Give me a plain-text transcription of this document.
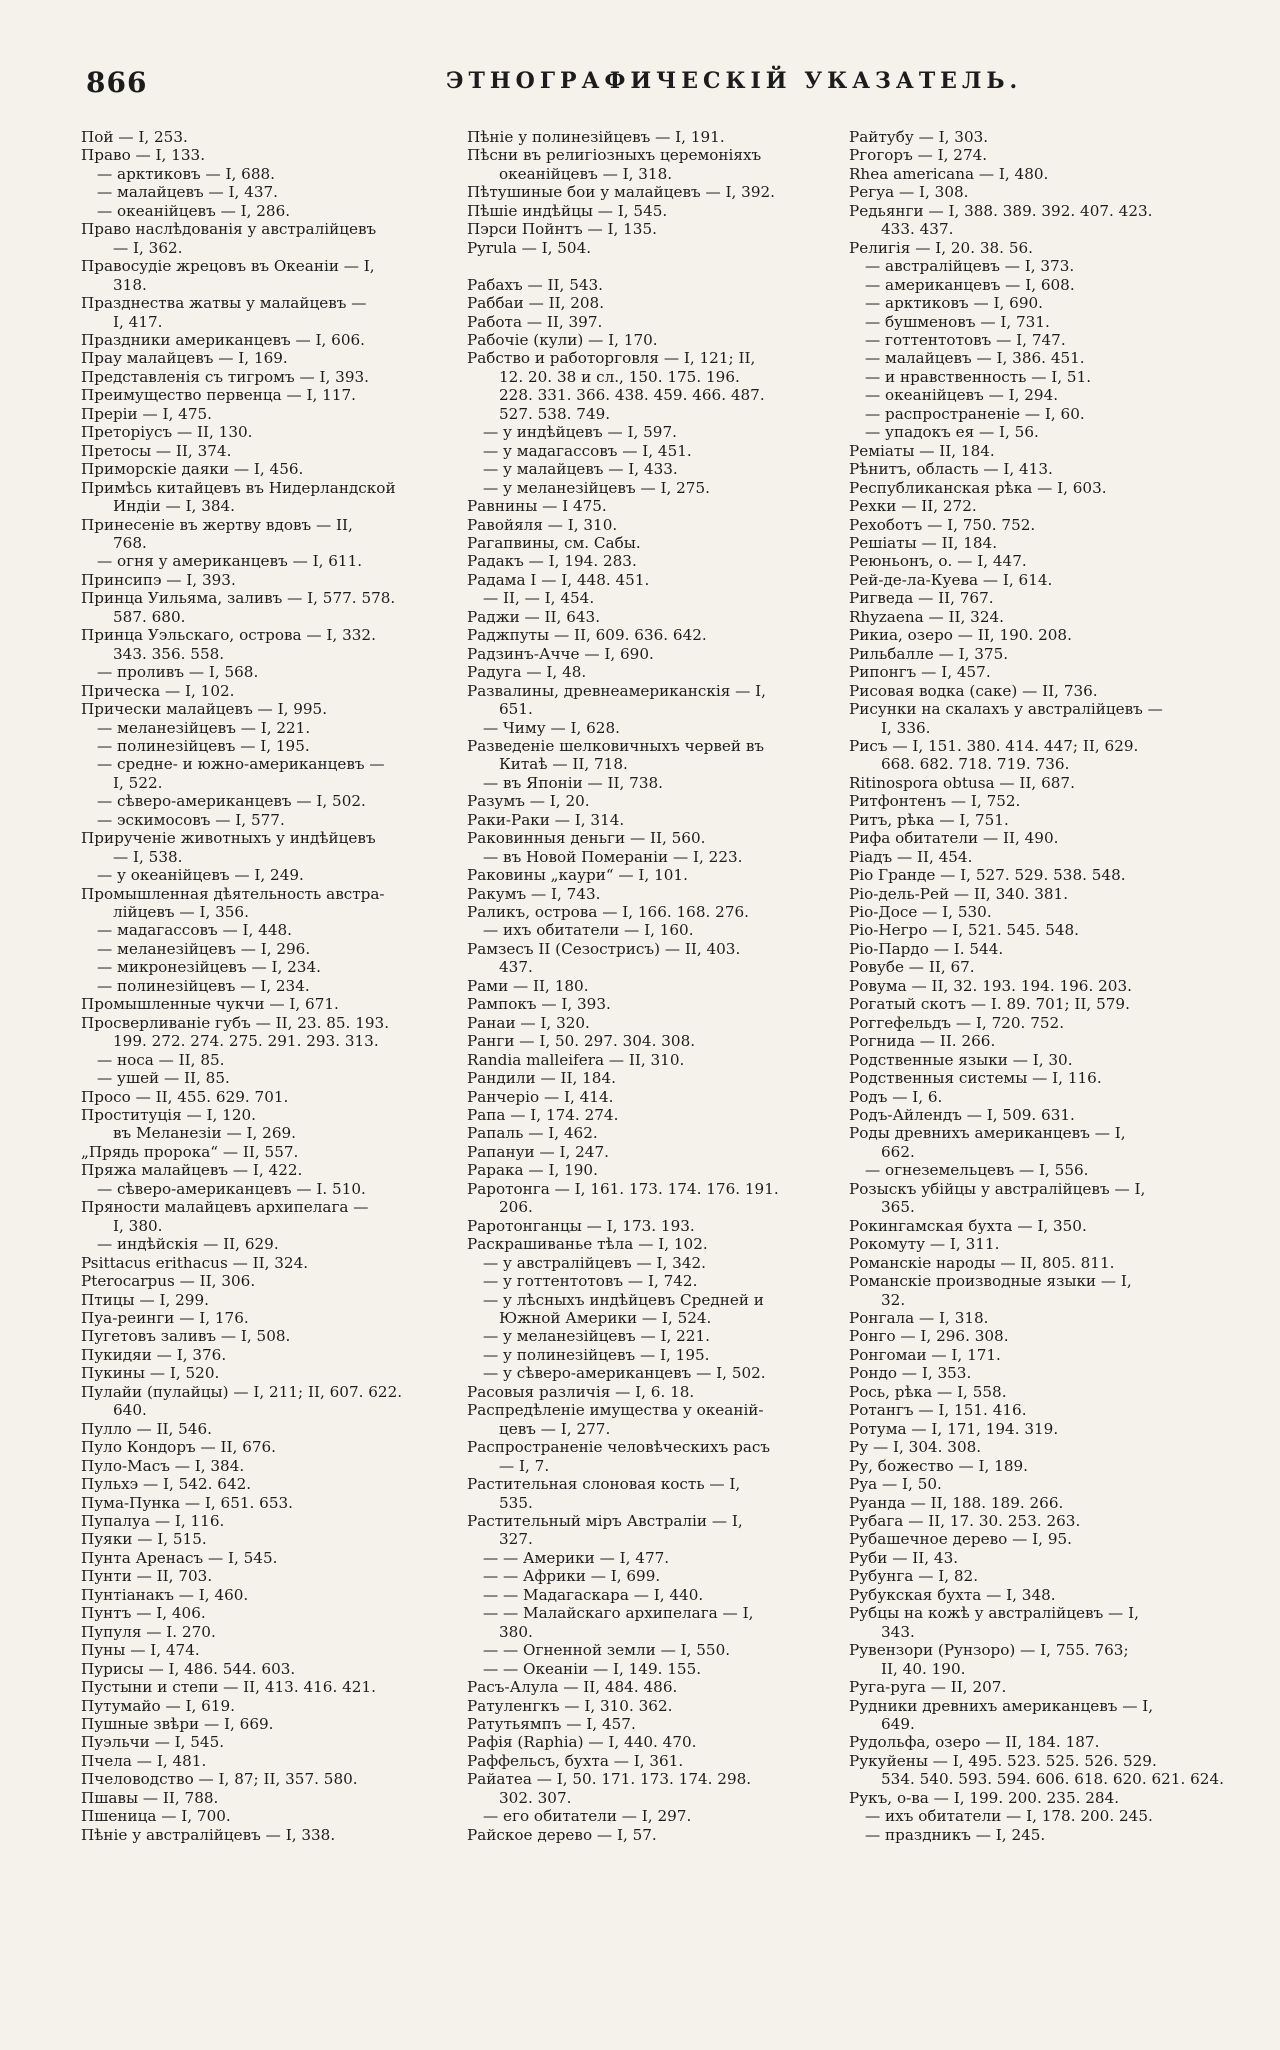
866	ЭТНОГРАФИЧЕСКІЙ УКАЗАТЕЛЬ.
Пой — I, 253.
Право — I, 133.
— арктиковъ — I, 688.
— малайцевъ — I, 437.
— океанійцевъ — I, 286.
Право наслѣдованія у австралійцевъ
— I, 362.
Правосудіе жрецовъ въ Океаніи — I,
318.
Празднества жатвы у малайцевъ —
I, 417.
Праздники американцевъ — I, 606.
Прау малайцевъ — I, 169.
Представленія съ тигромъ — I, 393.
Преимущество первенца — I, 117.
Преріи — I, 475.
Преторіусъ — II, 130.
Претосы — II, 374.
Приморскіе даяки — I, 456.
Примѣсь китайцевъ въ Нидерландской
Индіи — I, 384.
Принесеніе въ жертву вдовъ — II,
768.
— огня у американцевъ — I, 611.
Принсипэ — I, 393.
Принца Уильяма, заливъ — I, 577. 578.
587. 680.
Принца Уэльскаго, острова — I, 332.
343. 356. 558.
— проливъ — I, 568.
Прическа — I, 102.
Прически малайцевъ — I, 995.
— меланезійцевъ — I, 221.
— полинезійцевъ — I, 195.
— средне- и южно-американцевъ —
I, 522.
— сѣверо-американцевъ — I, 502.
— эскимосовъ — I, 577.
Прирученіе животныхъ у индѣйцевъ
— I, 538.
— у океанійцевъ — I, 249.
Промышленная дѣятельность австра-
лійцевъ — I, 356.
— мадагассовъ — I, 448.
— меланезійцевъ — I, 296.
— микронезійцевъ — I, 234.
— полинезійцевъ — I, 234.
Промышленные чукчи — I, 671.
Просверливаніе губъ — II, 23. 85. 193.
199. 272. 274. 275. 291. 293. 313.
— носа — II, 85.
— ушей — II, 85.
Просо — II, 455. 629. 701.
Проституція — I, 120.
въ Меланезіи — I, 269.
„Прядь пророка“ — II, 557.
Пряжа малайцевъ — I, 422.
— сѣверо-американцевъ — I. 510.
Пряности малайцевъ архипелага —
I, 380.
— индѣйскія — II, 629.
Psittacus erithacus — II, 324.
Pterocarpus — II, 306.
Птицы — I, 299.
Пуа-реинги — I, 176.
Пугетовъ заливъ — I, 508.
Пукидяи — I, 376.
Пукины — I, 520.
Пулайи (пулайцы) — I, 211; II, 607. 622.
640.
Пулло — II, 546.
Пуло Кондоръ — II, 676.
Пуло-Масъ — I, 384.
Пульхэ — I, 542. 642.
Пума-Пунка — I, 651. 653.
Пупалуа — I, 116.
Пуяки — I, 515.
Пунта Аренасъ — I, 545.
Пунти — II, 703.
Пунтіанакъ — I, 460.
Пунтъ — I, 406.
Пупуля — I. 270.
Пуны — I, 474.
Пурисы — I, 486. 544. 603.
Пустыни и степи — II, 413. 416. 421.
Путумайо — I, 619.
Пушные звѣри — I, 669.
Пуэльчи — I, 545.
Пчела — I, 481.
Пчеловодство — I, 87; II, 357. 580.
Пшавы — II, 788.
Пшеница — I, 700.
Пѣніе у австралійцевъ — I, 338.
Пѣніе у полинезійцевъ — I, 191.
Пѣсни въ религіозныхъ церемоніяхъ
океанійцевъ — I, 318.
Пѣтушиные бои у малайцевъ — I, 392.
Пѣшіе индѣйцы — I, 545.
Пэрси Пойнтъ — I, 135.
Pyrula — I, 504.

Рабахъ — II, 543.
Раббаи — II, 208.
Работа — II, 397.
Рабочіе (кули) — I, 170.
Рабство и работорговля — I, 121; II,
12. 20. 38 и сл., 150. 175. 196.
228. 331. 366. 438. 459. 466. 487.
527. 538. 749.
— у индѣйцевъ — I, 597.
— у мадагассовъ — I, 451.
— у малайцевъ — I, 433.
— у меланезійцевъ — I, 275.
Равнины — I 475.
Равойяля — I, 310.
Рагапвины, см. Сабы.
Радакъ — I, 194. 283.
Радама I — I, 448. 451.
— II, — I, 454.
Раджи — II, 643.
Раджпуты — II, 609. 636. 642.
Радзинъ-Ачче — I, 690.
Радуга — I, 48.
Развалины, древнеамериканскія — I,
651.
— Чиму — I, 628.
Разведеніе шелковичныхъ червей въ
Китаѣ — II, 718.
— въ Японіи — II, 738.
Разумъ — I, 20.
Раки-Раки — I, 314.
Раковинныя деньги — II, 560.
— въ Новой Помераніи — I, 223.
Раковины „каури“ — I, 101.
Ракумъ — I, 743.
Раликъ, острова — I, 166. 168. 276.
— ихъ обитатели — I, 160.
Рамзесъ II (Сезострисъ) — II, 403.
437.
Рами — II, 180.
Рампокъ — I, 393.
Ранаи — I, 320.
Ранги — I, 50. 297. 304. 308.
Randia malleifera — II, 310.
Рандили — II, 184.
Ранчеріо — I, 414.
Рапа — I, 174. 274.
Рапаль — I, 462.
Рапануи — I, 247.
Рарака — I, 190.
Раротонга — I, 161. 173. 174. 176. 191.
206.
Раротонганцы — I, 173. 193.
Раскрашиванье тѣла — I, 102.
— у австралійцевъ — I, 342.
— у готтентотовъ — I, 742.
— у лѣсныхъ индѣйцевъ Средней и
Южной Америки — I, 524.
— у меланезійцевъ — I, 221.
— у полинезійцевъ — I, 195.
— у сѣверо-американцевъ — I, 502.
Расовыя различія — I, 6. 18.
Распредѣленіе имущества у океаній-
цевъ — I, 277.
Распространеніе человѣческихъ расъ
— I, 7.
Растительная слоновая кость — I,
535.
Растительный міръ Австраліи — I,
327.
— — Америки — I, 477.
— — Африки — I, 699.
— — Мадагаскара — I, 440.
— — Малайскаго архипелага — I,
380.
— — Огненной земли — I, 550.
— — Океаніи — I, 149. 155.
Расъ-Алула — II, 484. 486.
Ратуленгкъ — I, 310. 362.
Ратутьямпъ — I, 457.
Рафія (Raphia) — I, 440. 470.
Раффельсъ, бухта — I, 361.
Райатеа — I, 50. 171. 173. 174. 298.
302. 307.
— его обитатели — I, 297.
Райское дерево — I, 57.
Райтубу — I, 303.
Ргогоръ — I, 274.
Rhea americana — I, 480.
Регуа — I, 308.
Редьянги — I, 388. 389. 392. 407. 423.
433. 437.
Религія — I, 20. 38. 56.
— австралійцевъ — I, 373.
— американцевъ — I, 608.
— арктиковъ — I, 690.
— бушменовъ — I, 731.
— готтентотовъ — I, 747.
— малайцевъ — I, 386. 451.
— и нравственность — I, 51.
— океанійцевъ — I, 294.
— распространеніе — I, 60.
— упадокъ ея — I, 56.
Реміаты — II, 184.
Рѣнитъ, область — I, 413.
Республиканская рѣка — I, 603.
Рехки — II, 272.
Рехоботъ — I, 750. 752.
Решіаты — II, 184.
Реюньонъ, о. — I, 447.
Рей-де-ла-Куева — I, 614.
Ригведа — II, 767.
Rhyzaena — II, 324.
Рикиа, озеро — II, 190. 208.
Рильбалле — I, 375.
Рипонгъ — I, 457.
Рисовая водка (саке) — II, 736.
Рисунки на скалахъ у австралійцевъ —
I, 336.
Рисъ — I, 151. 380. 414. 447; II, 629.
668. 682. 718. 719. 736.
Ritinospora obtusa — II, 687.
Ритфонтенъ — I, 752.
Ритъ, рѣка — I, 751.
Рифа обитатели — II, 490.
Ріадъ — II, 454.
Ріо Гранде — I, 527. 529. 538. 548.
Ріо-дель-Рей — II, 340. 381.
Ріо-Досе — I, 530.
Ріо-Негро — I, 521. 545. 548.
Ріо-Пардо — I. 544.
Ровубе — II, 67.
Ровума — II, 32. 193. 194. 196. 203.
Рогатый скотъ — I. 89. 701; II, 579.
Роггефельдъ — I, 720. 752.
Рогнида — II. 266.
Родственные языки — I, 30.
Родственныя системы — I, 116.
Родъ — I, 6.
Родъ-Айлендъ — I, 509. 631.
Роды древнихъ американцевъ — I,
662.
— огнеземельцевъ — I, 556.
Розыскъ убійцы у австралійцевъ — I,
365.
Рокингамская бухта — I, 350.
Рокомуту — I, 311.
Романскіе народы — II, 805. 811.
Романскіе производные языки — I,
32.
Ронгала — I, 318.
Ронго — I, 296. 308.
Ронгомаи — I, 171.
Рондо — I, 353.
Рось, рѣка — I, 558.
Ротангъ — I, 151. 416.
Ротума — I, 171, 194. 319.
Ру — I, 304. 308.
Ру, божество — I, 189.
Руа — I, 50.
Руанда — II, 188. 189. 266.
Рубага — II, 17. 30. 253. 263.
Рубашечное дерево — I, 95.
Руби — II, 43.
Рубунга — I, 82.
Рубукская бухта — I, 348.
Рубцы на кожѣ у австралійцевъ — I,
343.
Рувензори (Рунзоро) — I, 755. 763;
II, 40. 190.
Руга-руга — II, 207.
Рудники древнихъ американцевъ — I,
649.
Рудольфа, озеро — II, 184. 187.
Рукуйены — I, 495. 523. 525. 526. 529.
534. 540. 593. 594. 606. 618. 620. 621. 624.
Рукъ, о-ва — I, 199. 200. 235. 284.
— ихъ обитатели — I, 178. 200. 245.
— праздникъ — I, 245.
